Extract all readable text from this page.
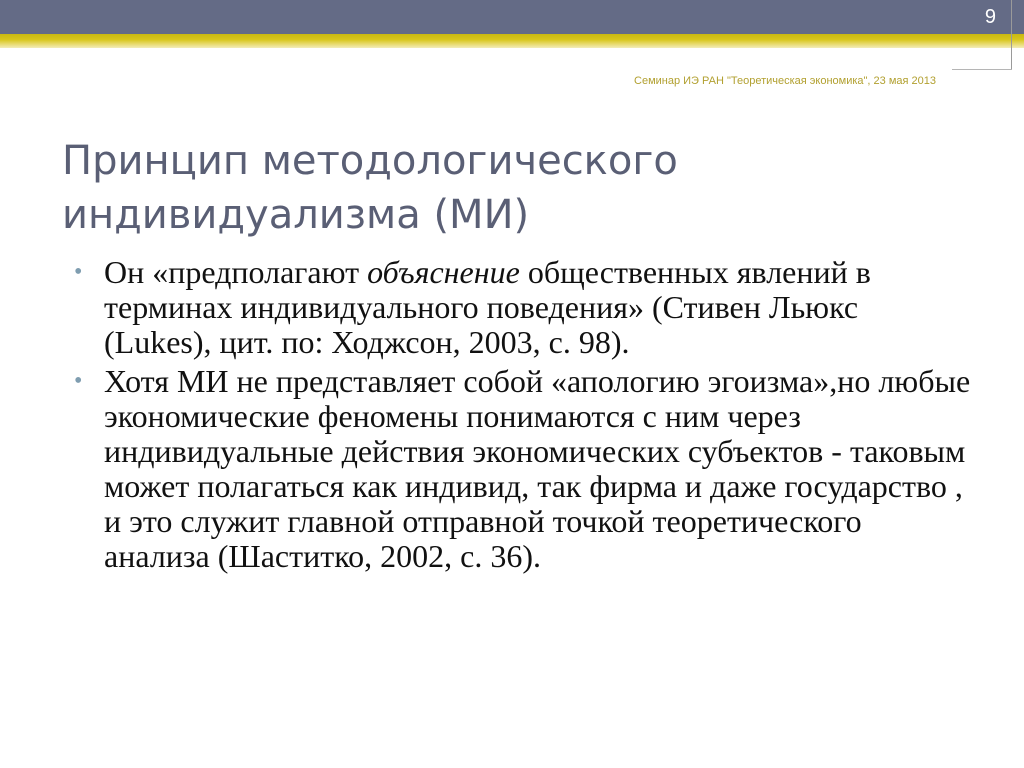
9
Семинар ИЭ РАН "Теоретическая экономика", 23 мая 2013
Принцип методологического
индивидуализма (МИ)
• Он «предполагают объяснение общественных явлений в терминах индивидуального поведения» (Стивен Льюкс (Lukes), цит. по: Ходжсон, 2003, с. 98).
• Хотя МИ не представляет собой «апологию эгоизма»,но любые экономические феномены понимаются с ним через индивидуальные действия экономических субъектов - таковым может полагаться как индивид, так фирма и даже государство , и это служит главной отправной точкой теоретического анализа (Шаститко, 2002, с. 36).
